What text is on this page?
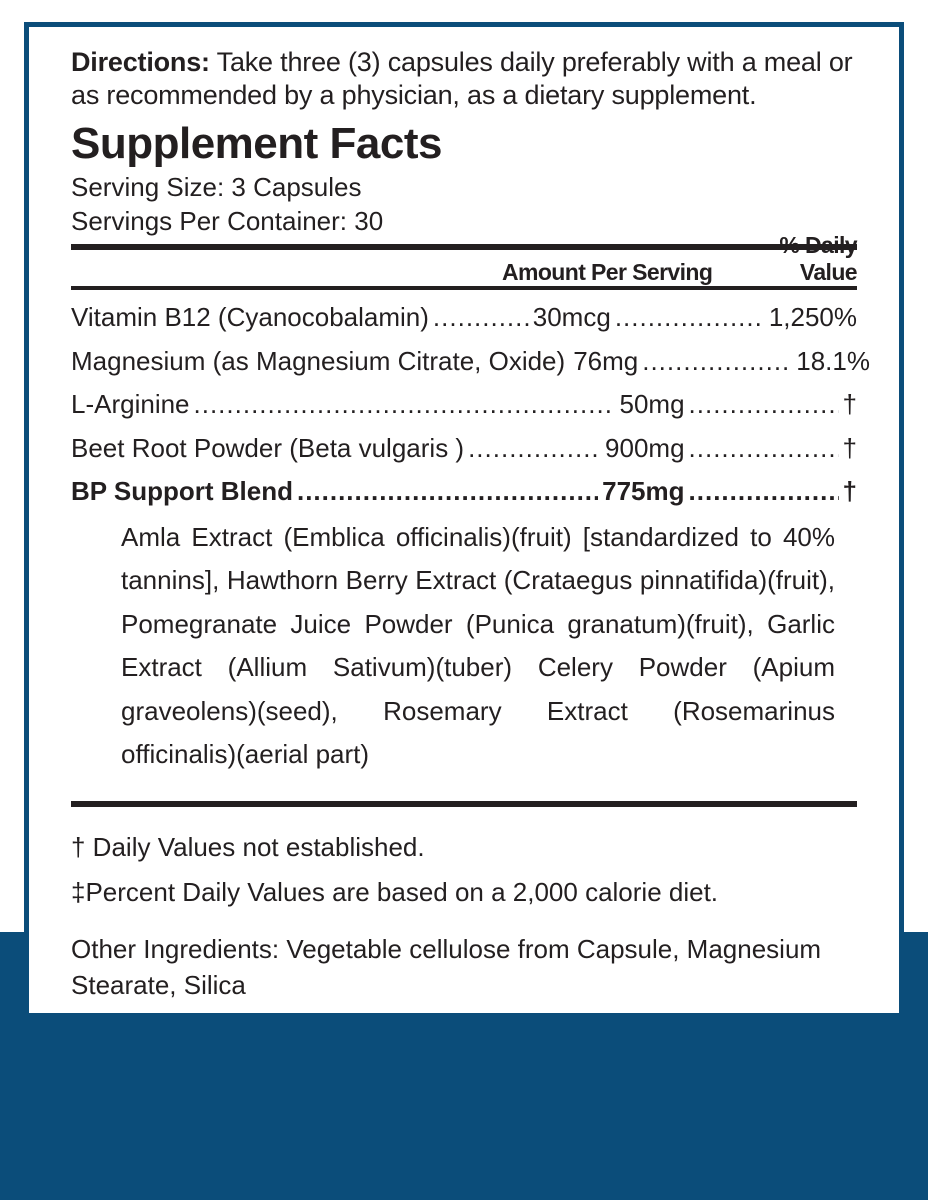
Directions: Take three (3) capsules daily preferably with a meal or as recommended by a physician, as a dietary supplement.

Supplement Facts

Serving Size: 3 Capsules

Servings Per Container: 30

Amount Per Serving
% Daily Value
Vitamin B12 (Cyanocobalamin) .....	30mcg .....	1,250%
Magnesium (as Magnesium Citrate, Oxide) 76mg .....	18.1%
L-Arginine .....	50mg .....	†
Beet Root Powder (Beta vulgaris ) .....	900mg .....	†
BP Support Blend .....	775mg .....	†

Amla Extract (Emblica officinalis)(fruit) [standardized to 40% tannins], Hawthorn Berry Extract (Crataegus pinnatifida)(fruit), Pomegranate Juice Powder (Punica granatum)(fruit), Garlic Extract (Allium Sativum)(tuber) Celery Powder (Apium graveolens)(seed), Rosemary Extract (Rosemarinus officinalis)(aerial part)

† Daily Values not established.

‡Percent Daily Values are based on a 2,000 calorie diet.

Other Ingredients: Vegetable cellulose from Capsule, Magnesium Stearate, Silica
